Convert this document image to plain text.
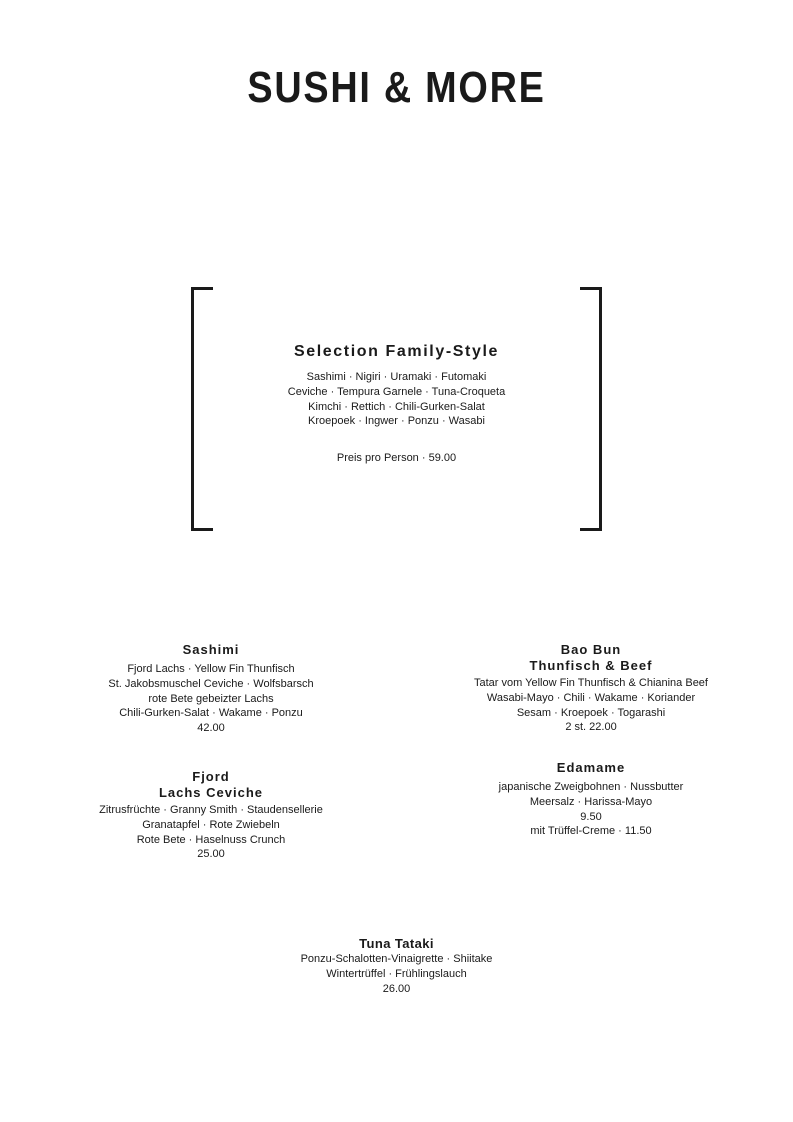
SUSHI & MORE

Selection Family-Style

Sashimi · Nigiri · Uramaki · Futomaki

Ceviche · Tempura Garnele · Tuna-Croqueta

Kimchi · Rettich · Chili-Gurken-Salat

Kroepoek · Ingwer · Ponzu · Wasabi

Preis pro Person · 59.00

Sashimi

Fjord Lachs · Yellow Fin Thunfisch

St. Jakobsmuschel Ceviche · Wolfsbarsch

rote Bete gebeizter Lachs

Chili-Gurken-Salat · Wakame · Ponzu

42.00

Fjord

Lachs Ceviche

Zitrusfrüchte · Granny Smith · Staudensellerie

Granatapfel · Rote Zwiebeln

Rote Bete · Haselnuss Crunch

25.00

Bao Bun

Thunfisch & Beef

Tatar vom Yellow Fin Thunfisch & Chianina Beef

Wasabi-Mayo · Chili · Wakame · Koriander

Sesam · Kroepoek · Togarashi

2 st. 22.00

Edamame

japanische Zweigbohnen · Nussbutter

Meersalz · Harissa-Mayo

9.50

mit Trüffel-Creme · 11.50

Tuna Tataki

Ponzu-Schalotten-Vinaigrette · Shiitake

Wintertrüffel · Frühlingslauch

26.00
